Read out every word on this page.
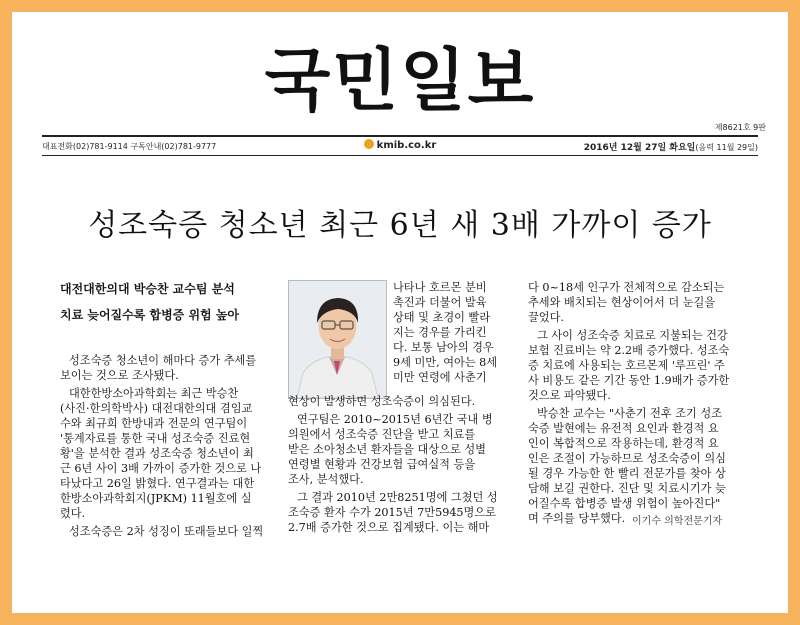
국민일보
제8621호 9판
대표전화(02)781-9114 구독안내(02)781-9777	kmib.co.kr	2016년 12월 27일 화요일(음력 11월 29일)
성조숙증 청소년 최근 6년 새 3배 가까이 증가
대전대한의대 박승찬 교수팀 분석
치료 늦어질수록 합병증 위험 높아
성조숙증 청소년이 해마다 증가 추세를
보이는 것으로 조사됐다.
대한한방소아과학회는 최근 박승찬
(사진·한의학박사) 대전대한의대 겸임교
수와 최규희 한방내과 전문의 연구팀이
'통계자료를 통한 국내 성조숙증 진료현
황'을 분석한 결과 성조숙증 청소년이 최
근 6년 사이 3배 가까이 증가한 것으로 나
타났다고 26일 밝혔다. 연구결과는 대한
한방소아과학회지(JPKM) 11월호에 실
렸다.
성조숙증은 2차 성징이 또래들보다 일찍
나타나 호르몬 분비
촉진과 더불어 발육
상태 및 초경이 빨라
지는 경우를 가리킨
다. 보통 남아의 경우
9세 미만, 여아는 8세
미만 연령에 사춘기
현상이 발생하면 성조숙증이 의심된다.
연구팀은 2010~2015년 6년간 국내 병
의원에서 성조숙증 진단을 받고 치료를
받은 소아청소년 환자들을 대상으로 성별
연령별 현황과 건강보험 급여실적 등을
조사, 분석했다.
그 결과 2010년 2만8251명에 그쳤던 성
조숙증 환자 수가 2015년 7만5945명으로
2.7배 증가한 것으로 집계됐다. 이는 해마
다 0~18세 인구가 전체적으로 감소되는
추세와 배치되는 현상이어서 더 눈길을
끌었다.
그 사이 성조숙증 치료로 지불되는 건강
보험 진료비는 약 2.2배 증가했다. 성조숙
증 치료에 사용되는 호르몬제 '루프린' 주
사 비용도 같은 기간 동안 1.9배가 증가한
것으로 파악됐다.
박승찬 교수는 "사춘기 전후 조기 성조
숙증 발현에는 유전적 요인과 환경적 요
인이 복합적으로 작용하는데, 환경적 요
인은 조절이 가능하므로 성조숙증이 의심
될 경우 가능한 한 빨리 전문가를 찾아 상
담해 보길 권한다. 진단 및 치료시기가 늦
어질수록 합병증 발생 위험이 높아진다"
며 주의를 당부했다. 이기수 의학전문기자
